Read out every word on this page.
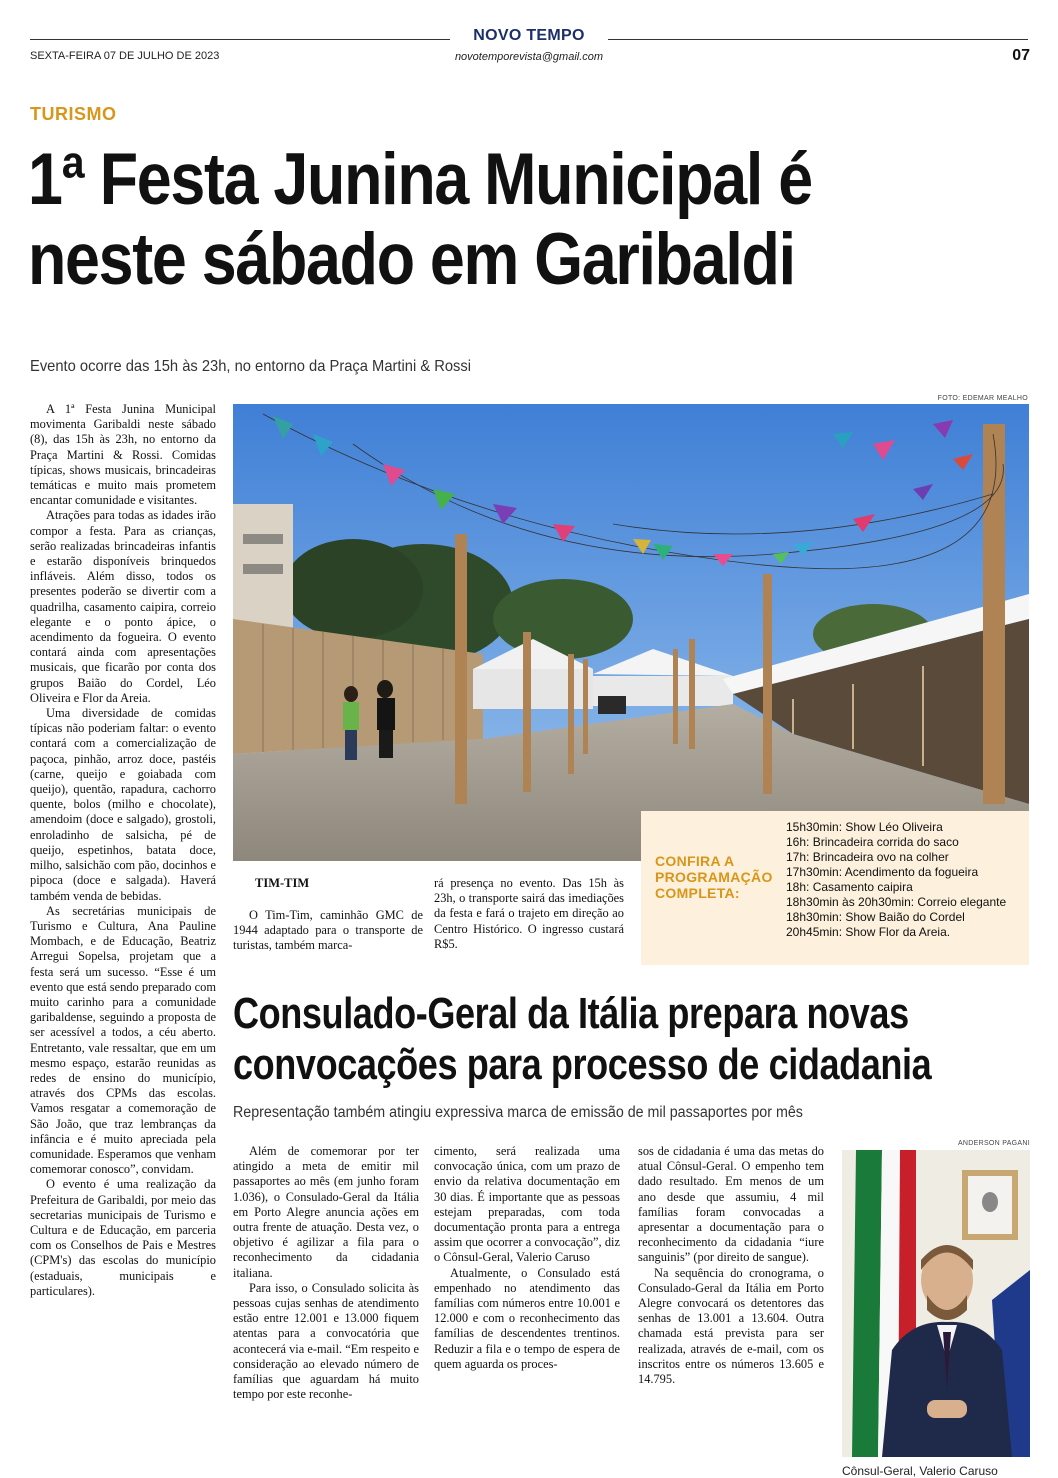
SEXTA-FEIRA 07 DE JULHO DE 2023
NOVO TEMPO
novotemporevista@gmail.com	07
TURISMO
1ª Festa Junina Municipal é
neste sábado em Garibaldi
Evento ocorre das 15h às 23h, no entorno da Praça Martini & Rossi

A 1ª Festa Junina Municipal movimenta Garibaldi neste sábado (8), das 15h às 23h, no entorno da Praça Martini & Rossi. Comidas típicas, shows musicais, brincadeiras temáticas e muito mais prometem encantar comunidade e visitantes.

Atrações para todas as idades irão compor a festa. Para as crianças, serão realizadas brincadeiras infantis e estarão disponíveis brinquedos infláveis. Além disso, todos os presentes poderão se divertir com a quadrilha, casamento caipira, correio elegante e o ponto ápice, o acendimento da fogueira. O evento contará ainda com apresentações musicais, que ficarão por conta dos grupos Baião do Cordel, Léo Oliveira e Flor da Areia.

Uma diversidade de comidas típicas não poderiam faltar: o evento contará com a comercialização de paçoca, pinhão, arroz doce, pastéis (carne, queijo e goiabada com queijo), quentão, rapadura, cachorro quente, bolos (milho e chocolate), amendoim (doce e salgado), grostoli, enroladinho de salsicha, pé de queijo, espetinhos, batata doce, milho, salsichão com pão, docinhos e pipoca (doce e salgada). Haverá também venda de bebidas.

As secretárias municipais de Turismo e Cultura, Ana Pauline Mombach, e de Educação, Beatriz Arregui Sopelsa, projetam que a festa será um sucesso. “Esse é um evento que está sendo preparado com muito carinho para a comunidade garibaldense, seguindo a proposta de ser acessível a todos, a céu aberto. Entretanto, vale ressaltar, que em um mesmo espaço, estarão reunidas as redes de ensino do município, através dos CPMs das escolas. Vamos resgatar a comemoração de São João, que traz lembranças da infância e é muito apreciada pela comunidade. Esperamos que venham comemorar conosco”, convidam.

O evento é uma realização da Prefeitura de Garibaldi, por meio das secretarias municipais de Turismo e Cultura e de Educação, em parceria com os Conselhos de Pais e Mestres (CPM's) das escolas do município (estaduais, municipais e particulares).

FOTO: EDEMAR MEALHO
CONFIRA A PROGRAMAÇÃO COMPLETA:
15h30min: Show Léo Oliveira
16h: Brincadeira corrida do saco
17h: Brincadeira ovo na colher
17h30min: Acendimento da fogueira
18h: Casamento caipira
18h30min às 20h30min: Correio elegante
18h30min: Show Baião do Cordel
20h45min: Show Flor da Areia.
TIM-TIM

O Tim-Tim, caminhão GMC de 1944 adaptado para o transporte de turistas, também marca-

rá presença no evento. Das 15h às 23h, o transporte sairá das imediações da festa e fará o trajeto em direção ao Centro Histórico. O ingresso custará R$5.
Consulado-Geral da Itália prepara novas
convocações para processo de cidadania
Representação também atingiu expressiva marca de emissão de mil passaportes por mês

Além de comemorar por ter atingido a meta de emitir mil passaportes ao mês (em junho foram 1.036), o Consulado-Geral da Itália em Porto Alegre anuncia ações em outra frente de atuação. Desta vez, o objetivo é agilizar a fila para o reconhecimento da cidadania italiana.

Para isso, o Consulado solicita às pessoas cujas senhas de atendimento estão entre 12.001 e 13.000 fiquem atentas para a convocatória que acontecerá via e-mail. “Em respeito e consideração ao elevado número de famílias que aguardam há muito tempo por este reconhe-

cimento, será realizada uma convocação única, com um prazo de envio da relativa documentação em 30 dias. É importante que as pessoas estejam preparadas, com toda documentação pronta para a entrega assim que ocorrer a convocação”, diz o Cônsul-Geral, Valerio Caruso

Atualmente, o Consulado está empenhado no atendimento das famílias com números entre 10.001 e 12.000 e com o reconhecimento das famílias de descendentes trentinos. Reduzir a fila e o tempo de espera de quem aguarda os proces-

sos de cidadania é uma das metas do atual Cônsul-Geral. O empenho tem dado resultado. Em menos de um ano desde que assumiu, 4 mil famílias foram convocadas a apresentar a documentação para o reconhecimento da cidadania “iure sanguinis” (por direito de sangue).

Na sequência do cronograma, o Consulado-Geral da Itália em Porto Alegre convocará os detentores das senhas de 13.001 a 13.604. Outra chamada está prevista para ser realizada, através de e-mail, com os inscritos entre os números 13.605 e 14.795.

ANDERSON PAGANI
Cônsul-Geral, Valerio Caruso
